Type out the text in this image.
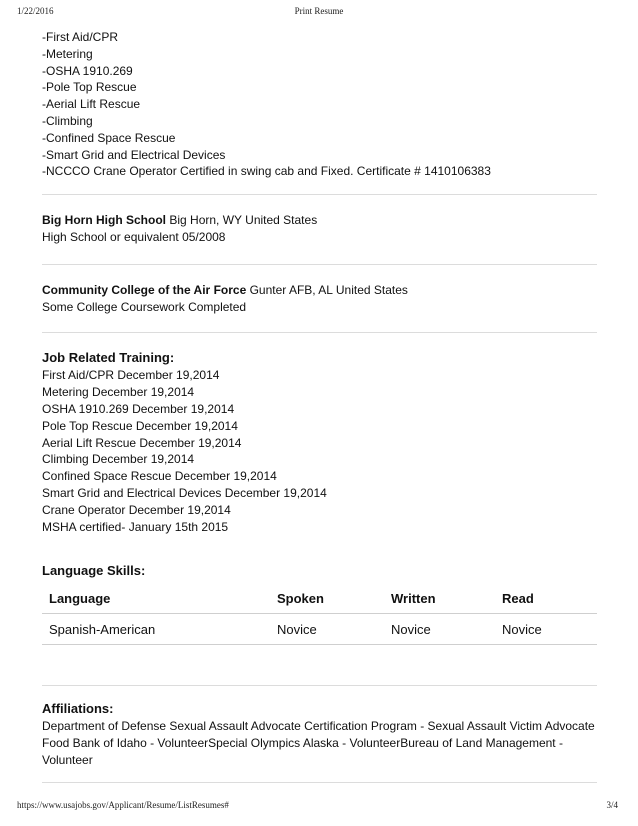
1/22/2016	Print Resume
-First Aid/CPR
-Metering
-OSHA 1910.269
-Pole Top Rescue
-Aerial Lift Rescue
-Climbing
-Confined Space Rescue
-Smart Grid and Electrical Devices
-NCCCO Crane Operator Certified in swing cab and Fixed. Certificate # 1410106383
Big Horn High School Big Horn, WY United States
High School or equivalent 05/2008
Community College of the Air Force Gunter AFB, AL United States
Some College Coursework Completed
Job Related Training:
First Aid/CPR December 19,2014
Metering December 19,2014
OSHA 1910.269 December 19,2014
Pole Top Rescue December 19,2014
Aerial Lift Rescue December 19,2014
Climbing December 19,2014
Confined Space Rescue December 19,2014
Smart Grid and Electrical Devices December 19,2014
Crane Operator December 19,2014
MSHA certified- January 15th 2015
Language Skills:
Language	Spoken	Written	Read
Spanish-American	Novice	Novice	Novice
Affiliations:
Department of Defense Sexual Assault Advocate Certification Program - Sexual Assault Victim Advocate Food Bank of Idaho - VolunteerSpecial Olympics Alaska - VolunteerBureau of Land Management - Volunteer
https://www.usajobs.gov/Applicant/Resume/ListResumes#	3/4
